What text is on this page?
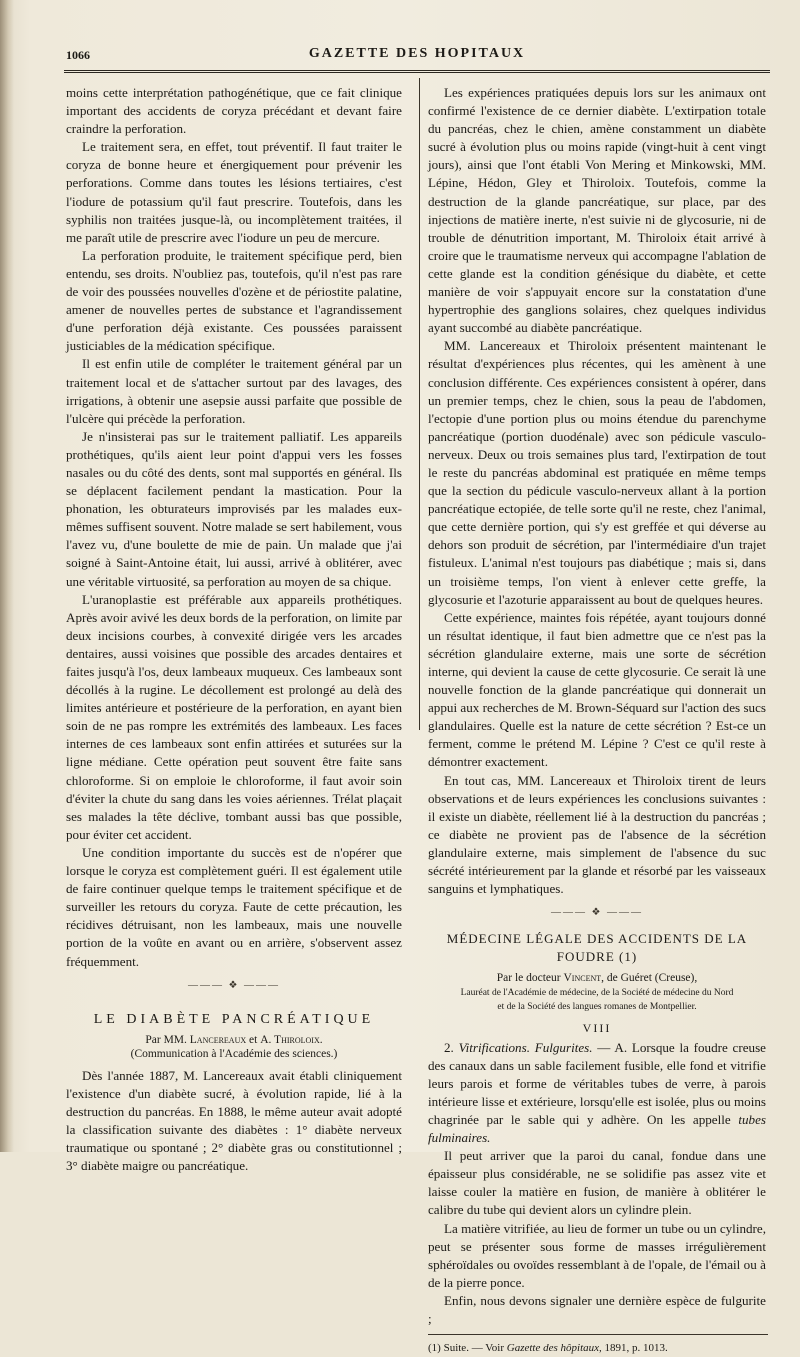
1066	GAZETTE DES HOPITAUX

moins cette interprétation pathogénétique, que ce fait clinique important des accidents de coryza précédant et devant faire craindre la perforation.

Le traitement sera, en effet, tout préventif. Il faut traiter le coryza de bonne heure et énergiquement pour prévenir les perforations. Comme dans toutes les lésions tertiaires, c'est l'iodure de potassium qu'il faut prescrire. Toutefois, dans les syphilis non traitées jusque-là, ou incomplètement traitées, il me paraît utile de prescrire avec l'iodure un peu de mercure.

La perforation produite, le traitement spécifique perd, bien entendu, ses droits. N'oubliez pas, toutefois, qu'il n'est pas rare de voir des poussées nouvelles d'ozène et de périostite palatine, amener de nouvelles pertes de substance et l'agrandissement d'une perforation déjà existante. Ces poussées paraissent justiciables de la médication spécifique.

Il est enfin utile de compléter le traitement général par un traitement local et de s'attacher surtout par des lavages, des irrigations, à obtenir une asepsie aussi parfaite que possible de l'ulcère qui précède la perforation.

Je n'insisterai pas sur le traitement palliatif. Les appareils prothétiques, qu'ils aient leur point d'appui vers les fosses nasales ou du côté des dents, sont mal supportés en général. Ils se déplacent facilement pendant la mastication. Pour la phonation, les obturateurs improvisés par les malades eux-mêmes suffisent souvent. Notre malade se sert habilement, vous l'avez vu, d'une boulette de mie de pain. Un malade que j'ai soigné à Saint-Antoine était, lui aussi, arrivé à oblitérer, avec une véritable virtuosité, sa perforation au moyen de sa chique.

L'uranoplastie est préférable aux appareils prothétiques. Après avoir avivé les deux bords de la perforation, on limite par deux incisions courbes, à convexité dirigée vers les arcades dentaires, aussi voisines que possible des arcades dentaires et faites jusqu'à l'os, deux lambeaux muqueux. Ces lambeaux sont décollés à la rugine. Le décollement est prolongé au delà des limites antérieure et postérieure de la perforation, en ayant bien soin de ne pas rompre les extrémités des lambeaux. Les faces internes de ces lambeaux sont enfin attirées et suturées sur la ligne médiane. Cette opération peut souvent être faite sans chloroforme. Si on emploie le chloroforme, il faut avoir soin d'éviter la chute du sang dans les voies aériennes. Trélat plaçait ses malades la tête déclive, tombant aussi bas que possible, pour éviter cet accident.

Une condition importante du succès est de n'opérer que lorsque le coryza est complètement guéri. Il est également utile de faire continuer quelque temps le traitement spécifique et de surveiller les retours du coryza. Faute de cette précaution, les récidives détruisant, non les lambeaux, mais une nouvelle portion de la voûte en avant ou en arrière, s'observent assez fréquemment.

——— ❖ ———
LE DIABÈTE PANCRÉATIQUE
Par MM. Lancereaux et A. Thiroloix.
(Communication à l'Académie des sciences.)

Dès l'année 1887, M. Lancereaux avait établi cliniquement l'existence d'un diabète sucré, à évolution rapide, lié à la destruction du pancréas. En 1888, le même auteur avait adopté la classification suivante des diabètes : 1° diabète nerveux traumatique ou spontané ; 2° diabète gras ou constitutionnel ; 3° diabète maigre ou pancréatique.

Les expériences pratiquées depuis lors sur les animaux ont confirmé l'existence de ce dernier diabète. L'extirpation totale du pancréas, chez le chien, amène constamment un diabète sucré à évolution plus ou moins rapide (vingt-huit à cent vingt jours), ainsi que l'ont établi Von Mering et Minkowski, MM. Lépine, Hédon, Gley et Thiroloix. Toutefois, comme la destruction de la glande pancréatique, sur place, par des injections de matière inerte, n'est suivie ni de glycosurie, ni de trouble de dénutrition important, M. Thiroloix était arrivé à croire que le traumatisme nerveux qui accompagne l'ablation de cette glande est la condition génésique du diabète, et cette manière de voir s'appuyait encore sur la constatation d'une hypertrophie des ganglions solaires, chez quelques individus ayant succombé au diabète pancréatique.

MM. Lancereaux et Thiroloix présentent maintenant le résultat d'expériences plus récentes, qui les amènent à une conclusion différente. Ces expériences consistent à opérer, dans un premier temps, chez le chien, sous la peau de l'abdomen, l'ectopie d'une portion plus ou moins étendue du parenchyme pancréatique (portion duodénale) avec son pédicule vasculo-nerveux. Deux ou trois semaines plus tard, l'extirpation de tout le reste du pancréas abdominal est pratiquée en même temps que la section du pédicule vasculo-nerveux allant à la portion pancréatique ectopiée, de telle sorte qu'il ne reste, chez l'animal, que cette dernière portion, qui s'y est greffée et qui déverse au dehors son produit de sécrétion, par l'intermédiaire d'un trajet fistuleux. L'animal n'est toujours pas diabétique ; mais si, dans un troisième temps, l'on vient à enlever cette greffe, la glycosurie et l'azoturie apparaissent au bout de quelques heures.

Cette expérience, maintes fois répétée, ayant toujours donné un résultat identique, il faut bien admettre que ce n'est pas la sécrétion glandulaire externe, mais une sorte de sécrétion interne, qui devient la cause de cette glycosurie. Ce serait là une nouvelle fonction de la glande pancréatique qui donnerait un appui aux recherches de M. Brown-Séquard sur l'action des sucs glandulaires. Quelle est la nature de cette sécrétion ? Est-ce un ferment, comme le prétend M. Lépine ? C'est ce qu'il reste à démontrer exactement.

En tout cas, MM. Lancereaux et Thiroloix tirent de leurs observations et de leurs expériences les conclusions suivantes : il existe un diabète, réellement lié à la destruction du pancréas ; ce diabète ne provient pas de l'absence de la sécrétion glandulaire externe, mais simplement de l'absence du suc sécrété intérieurement par la glande et résorbé par les vaisseaux sanguins et lymphatiques.

——— ❖ ———
MÉDECINE LÉGALE DES ACCIDENTS DE LA FOUDRE (1)
Par le docteur Vincent, de Guéret (Creuse),
Lauréat de l'Académie de médecine, de la Société de médecine du Nord
et de la Société des langues romanes de Montpellier.
VIII

2. Vitrifications. Fulgurites. — A. Lorsque la foudre creuse des canaux dans un sable facilement fusible, elle fond et vitrifie leurs parois et forme de véritables tubes de verre, à parois intérieure lisse et extérieure, lorsqu'elle est isolée, plus ou moins chagrinée par le sable qui y adhère. On les appelle tubes fulminaires.

Il peut arriver que la paroi du canal, fondue dans une épaisseur plus considérable, ne se solidifie pas assez vite et laisse couler la matière en fusion, de manière à oblitérer le calibre du tube qui devient alors un cylindre plein.

La matière vitrifiée, au lieu de former un tube ou un cylindre, peut se présenter sous forme de masses irrégulièrement sphéroïdales ou ovoïdes ressemblant à de l'opale, de l'émail ou à de la pierre ponce.

Enfin, nous devons signaler une dernière espèce de fulgurite ;

(1) Suite. — Voir Gazette des hôpitaux, 1891, p. 1013.
